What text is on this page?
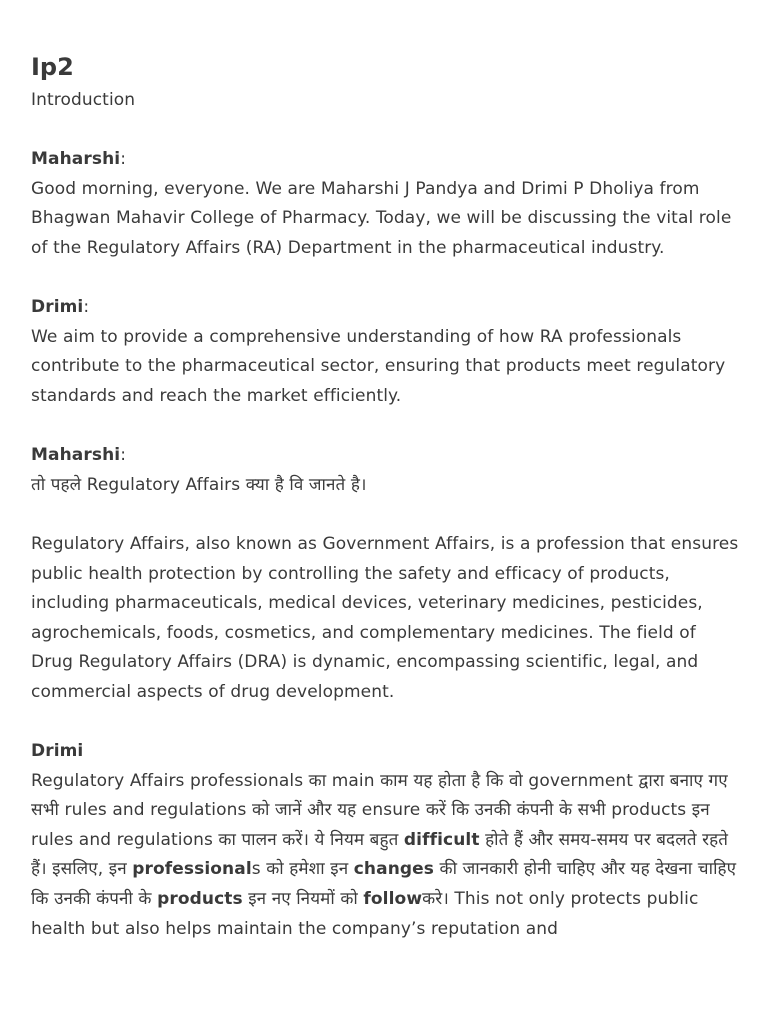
Ip2

Introduction

Maharshi:

Good morning, everyone. We are Maharshi J Pandya and Drimi P Dholiya from Bhagwan Mahavir College of Pharmacy. Today, we will be discussing the vital role of the Regulatory Affairs (RA) Department in the pharmaceutical industry.

Drimi:

We aim to provide a comprehensive understanding of how RA professionals contribute to the pharmaceutical sector, ensuring that products meet regulatory standards and reach the market efficiently.

Maharshi:

तो पहले Regulatory Affairs क्या है वि जानते है।

Regulatory Affairs, also known as Government Affairs, is a profession that ensures public health protection by controlling the safety and efficacy of products, including pharmaceuticals, medical devices, veterinary medicines, pesticides, agrochemicals, foods, cosmetics, and complementary medicines. The field of Drug Regulatory Affairs (DRA) is dynamic, encompassing scientific, legal, and commercial aspects of drug development.

Drimi

Regulatory Affairs professionals का main काम यह होता है कि वो government द्वारा बनाए गए सभी rules and regulations को जानें और यह ensure करें कि उनकी कंपनी के सभी products इन rules and regulations का पालन करें। ये नियम बहुत difficult होते हैं और समय-समय पर बदलते रहते हैं। इसलिए, इन professionals को हमेशा इन changes की जानकारी होनी चाहिए और यह देखना चाहिए कि उनकी कंपनी के products इन नए नियमों को followकरे। This not only protects public health but also helps maintain the company’s reputation and
